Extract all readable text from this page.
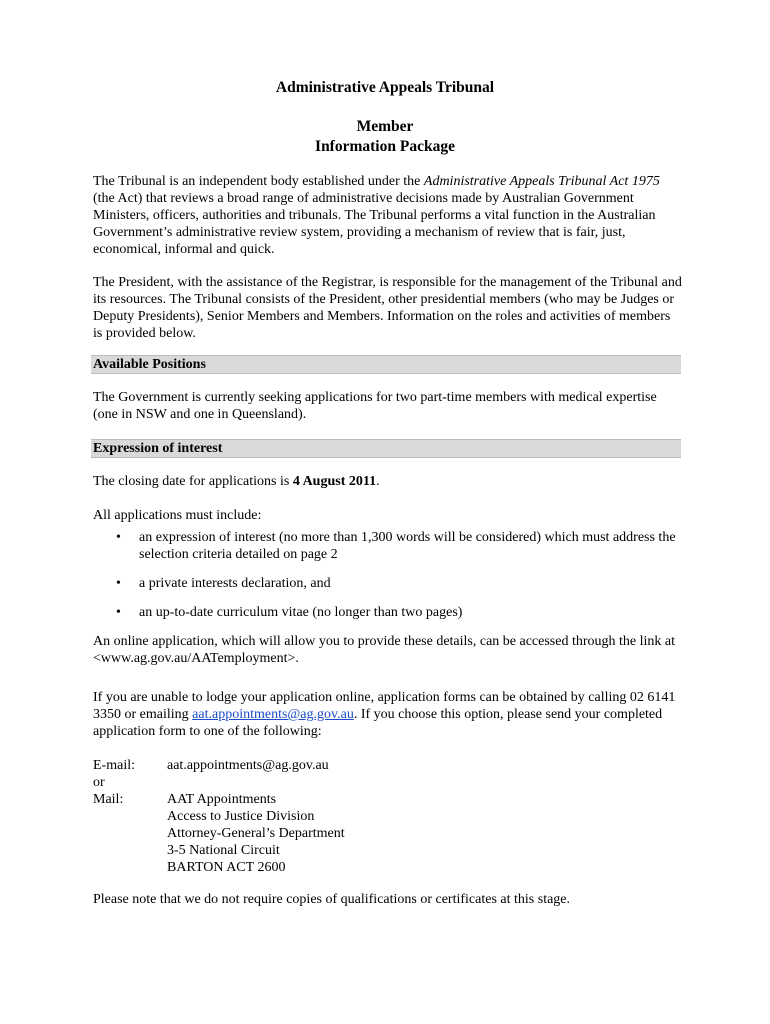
Administrative Appeals Tribunal
Member
Information Package
The Tribunal is an independent body established under the Administrative Appeals Tribunal Act 1975 (the Act) that reviews a broad range of administrative decisions made by Australian Government Ministers, officers, authorities and tribunals. The Tribunal performs a vital function in the Australian Government’s administrative review system, providing a mechanism of review that is fair, just, economical, informal and quick.
The President, with the assistance of the Registrar, is responsible for the management of the Tribunal and its resources. The Tribunal consists of the President, other presidential members (who may be Judges or Deputy Presidents), Senior Members and Members. Information on the roles and activities of members is provided below.
Available Positions
The Government is currently seeking applications for two part-time members with medical expertise (one in NSW and one in Queensland).
Expression of interest
The closing date for applications is 4 August 2011.
All applications must include:
• an expression of interest (no more than 1,300 words will be considered) which must address the selection criteria detailed on page 2
• a private interests declaration, and
• an up-to-date curriculum vitae (no longer than two pages)
An online application, which will allow you to provide these details, can be accessed through the link at <www.ag.gov.au/AATemployment>.
If you are unable to lodge your application online, application forms can be obtained by calling 02 6141 3350 or emailing aat.appointments@ag.gov.au. If you choose this option, please send your completed application form to one of the following:
E-mail: aat.appointments@ag.gov.au
or
Mail:	AAT Appointments
Access to Justice Division
Attorney-General’s Department
3-5 National Circuit
BARTON ACT 2600
Please note that we do not require copies of qualifications or certificates at this stage.
